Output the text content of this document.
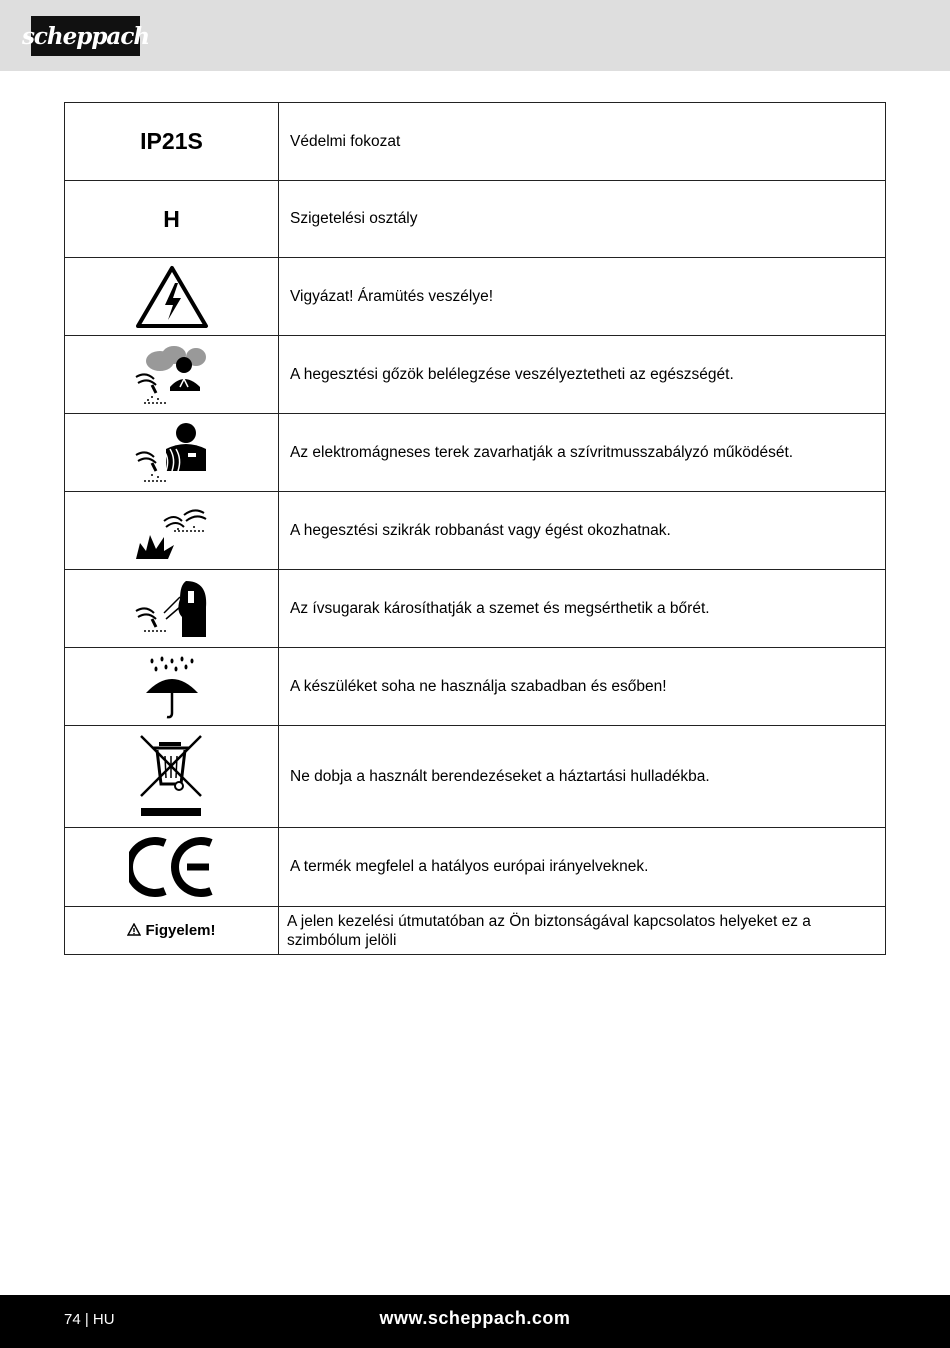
scheppach
IP21S	Védelmi fokozat
H	Szigetelési osztály

	Vigyázat! Áramütés veszélye!

	A hegesztési gőzök belélegzése veszélyeztetheti az egészségét.

	Az elektromágneses terek zavarhatják a szívritmusszabályzó működését.

	A hegesztési szikrák robbanást vagy égést okozhatnak.

	Az ívsugarak károsíthatják a szemet és megsérthetik a bőrét.

	A készüléket soha ne használja szabadban és esőben!

	Ne dobja a használt berendezéseket a háztartási hulladékba.

	A termék megfelel a hatályos európai irányelveknek.
Figyelem!	A jelen kezelési útmutatóban az Ön biztonságával kapcsolatos helyeket ez a szimbólum jelöli
74 | HU	www.scheppach.com
